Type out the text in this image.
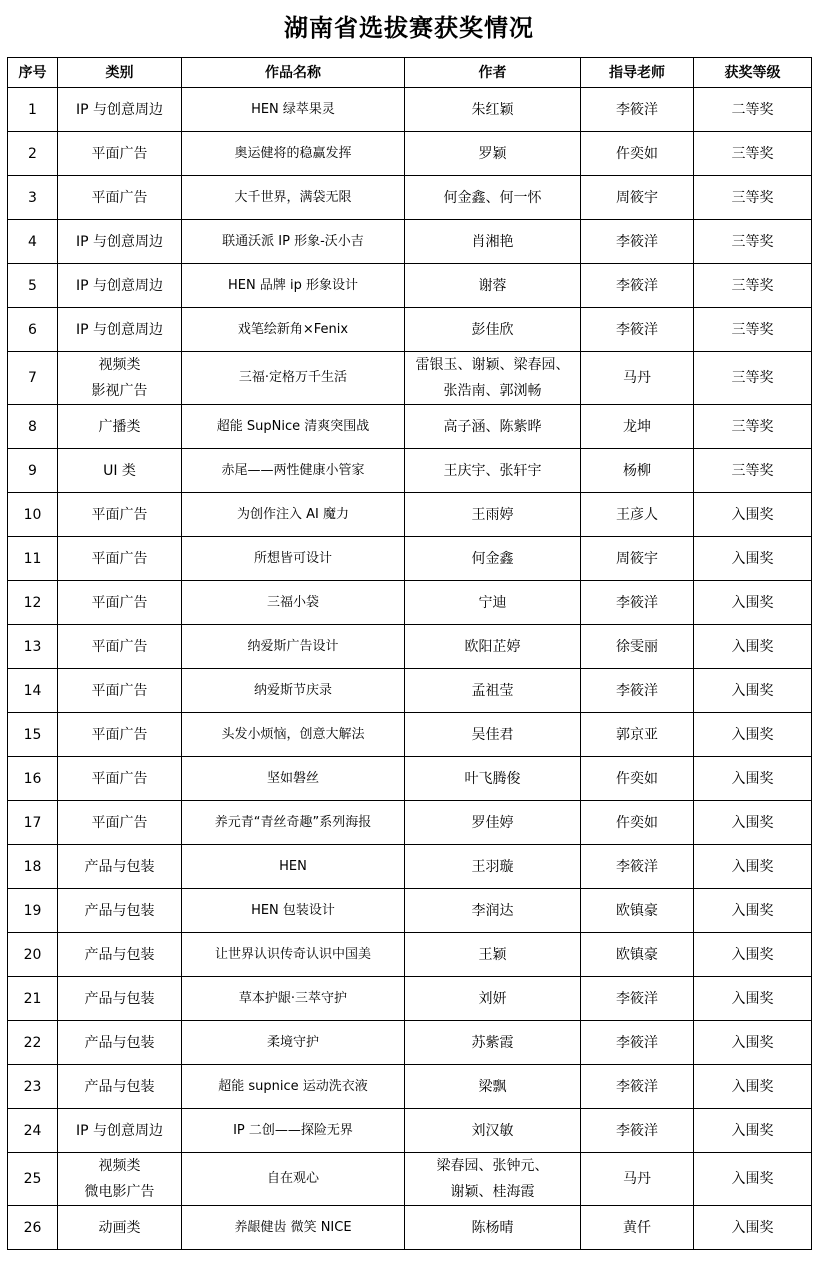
湖南省选拔赛获奖情况
序号	类别	作品名称	作者	指导老师	获奖等级

1	IP 与创意周边	HEN 绿萃果灵	朱红颖	李筱洋	二等奖

2	平面广告	奥运健将的稳赢发挥	罗颖	仵奕如	三等奖

3	平面广告	大千世界，满袋无限	何金鑫、何一怀	周筱宇	三等奖

4	IP 与创意周边	联通沃派 IP 形象-沃小吉	肖湘艳	李筱洋	三等奖

5	IP 与创意周边	HEN 品牌 ip 形象设计	谢蓉	李筱洋	三等奖

6	IP 与创意周边	戏笔绘新角×Fenix	彭佳欣	李筱洋	三等奖

7	视频类
影视广告	三福·定格万千生活	雷银玉、谢颖、梁春园、
张浩南、郭浏畅	马丹	三等奖

8	广播类	超能 SupNice 清爽突围战	高子涵、陈紫晔	龙坤	三等奖

9	UI 类	赤尾——两性健康小管家	王庆宇、张轩宇	杨柳	三等奖

10	平面广告	为创作注入 AI 魔力	王雨婷	王彦人	入围奖

11	平面广告	所想皆可设计	何金鑫	周筱宇	入围奖

12	平面广告	三福小袋	宁迪	李筱洋	入围奖

13	平面广告	纳爱斯广告设计	欧阳芷婷	徐雯丽	入围奖

14	平面广告	纳爱斯节庆录	孟祖莹	李筱洋	入围奖

15	平面广告	头发小烦恼，创意大解法	吴佳君	郭京亚	入围奖

16	平面广告	坚如磐丝	叶飞腾俊	仵奕如	入围奖

17	平面广告	养元青“青丝奇趣”系列海报	罗佳婷	仵奕如	入围奖

18	产品与包装	HEN	王羽璇	李筱洋	入围奖

19	产品与包装	HEN 包装设计	李润达	欧镇豪	入围奖

20	产品与包装	让世界认识传奇认识中国美	王颖	欧镇豪	入围奖

21	产品与包装	草本护龈·三萃守护	刘妍	李筱洋	入围奖

22	产品与包装	柔境守护	苏紫霞	李筱洋	入围奖

23	产品与包装	超能 supnice 运动洗衣液	梁飘	李筱洋	入围奖

24	IP 与创意周边	IP 二创——探险无界	刘汉敏	李筱洋	入围奖

25	视频类
微电影广告	自在观心	梁春园、张钟元、
谢颖、桂海霞	马丹	入围奖

26	动画类	养龈健齿 微笑 NICE	陈杨晴	黄仟	入围奖
